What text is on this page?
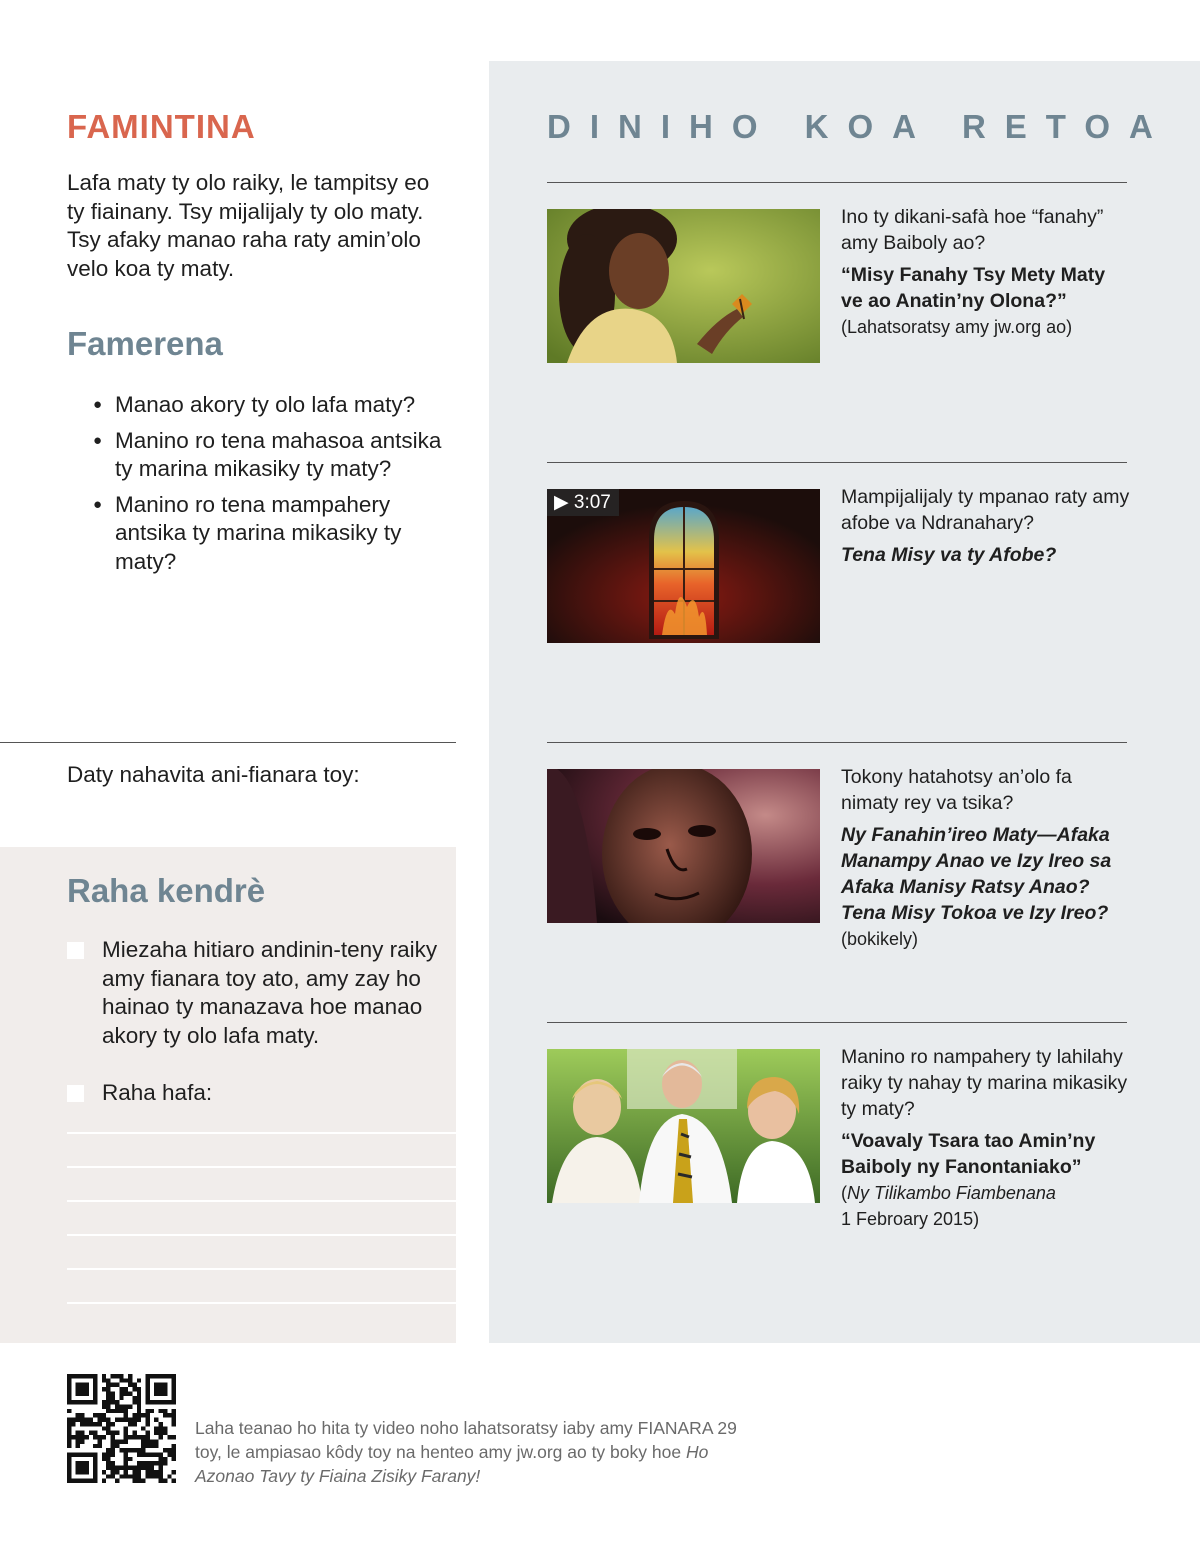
FAMINTINA

Lafa maty ty olo raiky, le tampitsy eo ty fiainany. Tsy mijalijaly ty olo maty. Tsy afaky manao raha raty amin’olo velo koa ty maty.

Famerena
● Manao akory ty olo lafa maty?
● Manino ro tena mahasoa antsika ty marina mikasiky ty maty?
● Manino ro tena mampahery antsika ty marina mikasiky ty maty?
Daty nahavita ani-fianara toy:
Raha kendrè
Miezaha hitiaro andinin-teny raiky amy fianara toy ato, amy zay ho hainao ty manazava hoe manao akory ty olo lafa maty.
Raha hafa:
DINIHO KOA RETOA
Ino ty dikani-safà hoe “fanahy” amy Baiboly ao?
“Misy Fanahy Tsy Mety Maty ve ao Anatin’ny Olona?”
(Lahatsoratsy amy jw.org ao)
▶ 3:07	Mampijalijaly ty mpanao raty amy afobe va Ndranahary?
Tena Misy va ty Afobe?
Tokony hatahotsy an’olo fa nimaty rey va tsika?
Ny Fanahin’ireo Maty—Afaka Manampy Anao ve Izy Ireo sa Afaka Manisy Ratsy Anao? Tena Misy Tokoa ve Izy Ireo?
(bokikely)
Manino ro nampahery ty lahilahy raiky ty nahay ty marina mikasiky ty maty?
“Voavaly Tsara tao Amin’ny Baiboly ny Fanontaniako”
(Ny Tilikambo Fiambenana
1 Febroary 2015)

Laha teanao ho hita ty video noho lahatsoratsy iaby amy FIANARA 29 toy, le ampiasao kôdy toy na henteo amy jw.org ao ty boky hoe Ho Azonao Tavy ty Fiaina Zisiky Farany!
